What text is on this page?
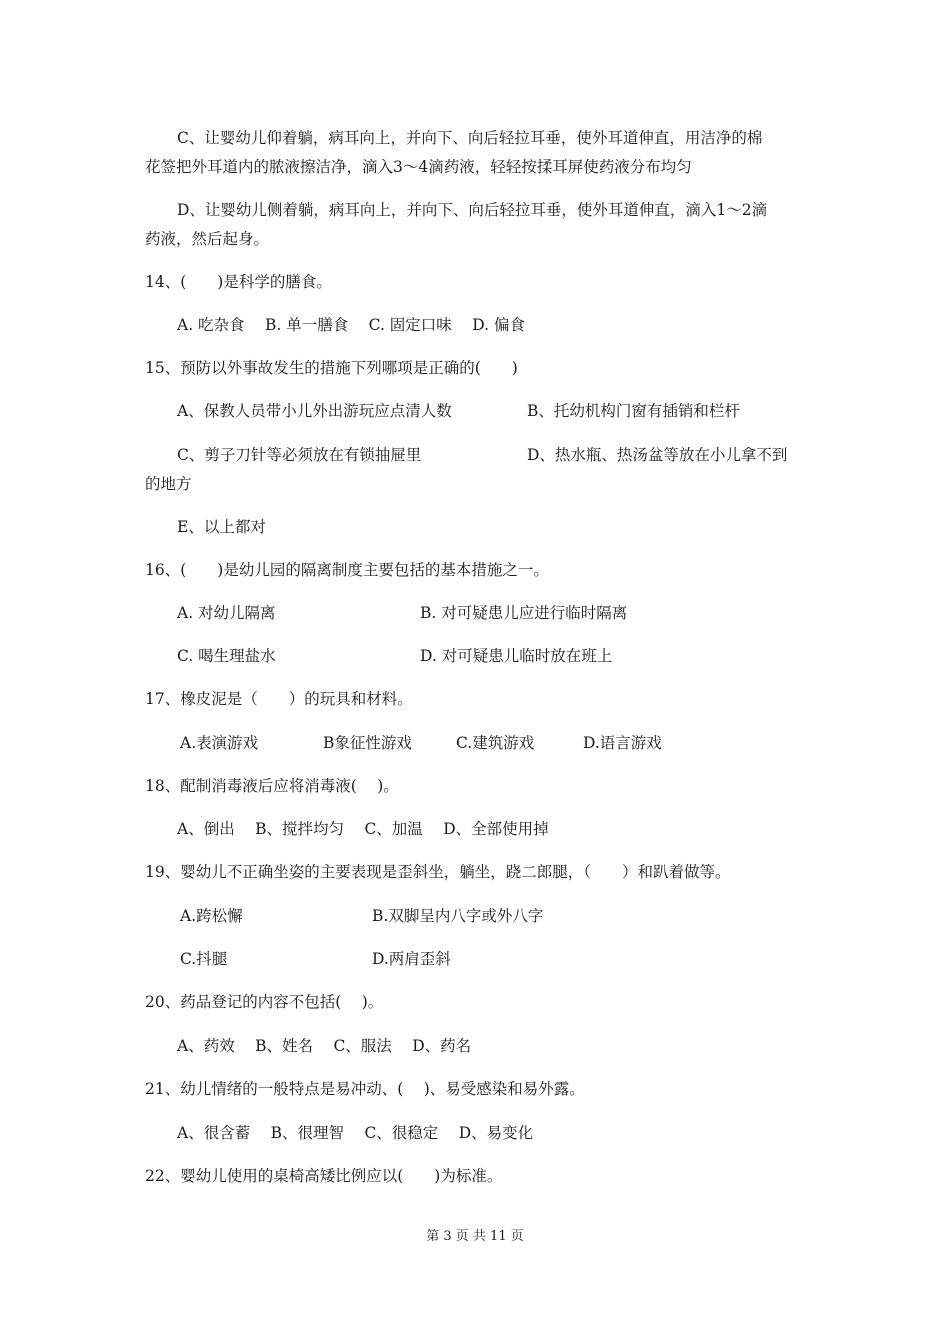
C、让婴幼儿仰着躺，病耳向上，并向下、向后轻拉耳垂，使外耳道伸直，用洁净的棉
花签把外耳道内的脓液擦洁净，滴入3～4滴药液，轻轻按揉耳屏使药液分布均匀
D、让婴幼儿侧着躺，病耳向上，并向下、向后轻拉耳垂，使外耳道伸直，滴入1～2滴
药液，然后起身。
14、(　　)是科学的膳食。
A. 吃杂食　 B. 单一膳食　 C. 固定口味　 D. 偏食
15、预防以外事故发生的措施下列哪项是正确的(　　)
A、保教人员带小儿外出游玩应点清人数	B、托幼机构门窗有插销和栏杆
C、剪子刀针等必须放在有锁抽屉里	D、热水瓶、热汤盆等放在小儿拿不到
的地方
E、以上都对
16、(　　)是幼儿园的隔离制度主要包括的基本措施之一。
A. 对幼儿隔离	B. 对可疑患儿应进行临时隔离
C. 喝生理盐水	D. 对可疑患儿临时放在班上
17、橡皮泥是（　　）的玩具和材料。
A.表演游戏	B象征性游戏	C.建筑游戏	D.语言游戏
18、配制消毒液后应将消毒液(　 )。
A、倒出　 B、搅拌均匀　 C、加温　 D、全部使用掉
19、婴幼儿不正确坐姿的主要表现是歪斜坐，躺坐，跷二郎腿，（　　）和趴着做等。
A.跨松懈	B.双脚呈内八字或外八字
C.抖腿	D.两肩歪斜
20、药品登记的内容不包括(　 )。
A、药效　 B、姓名　 C、服法　 D、药名
21、幼儿情绪的一般特点是易冲动、(　 )、易受感染和易外露。
A、很含蓄　 B、很理智　 C、很稳定　 D、易变化
22、婴幼儿使用的桌椅高矮比例应以(　　)为标准。
第 3 页 共 11 页
